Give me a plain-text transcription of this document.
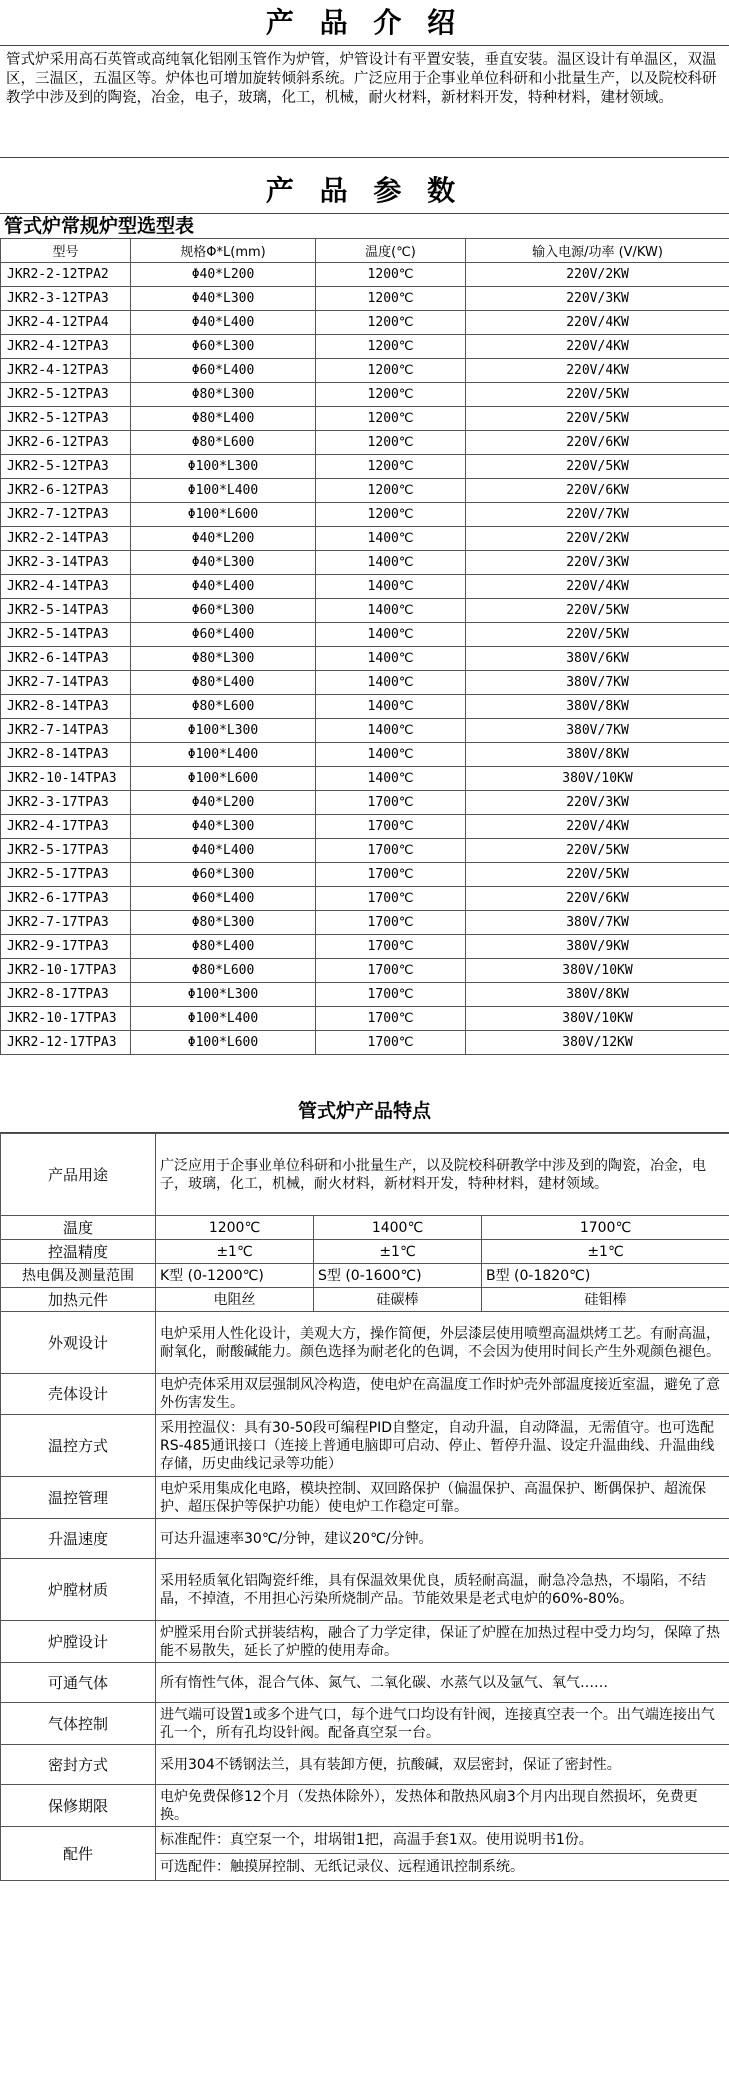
产 品 介 绍
管式炉采用高石英管或高纯氧化铝刚玉管作为炉管，炉管设计有平置安装，垂直安装。温区设计有单温区，双温区，三温区，五温区等。炉体也可增加旋转倾斜系统。广泛应用于企事业单位科研和小批量生产，以及院校科研教学中涉及到的陶瓷，冶金，电子，玻璃，化工，机械，耐火材料，新材料开发，特种材料，建材领域。
产 品 参 数
管式炉常规炉型选型表
型号	规格Φ*L(mm)	温度(℃)	输入电源/功率 (V/KW)
JKR2-2-12TPA2	Φ40*L200	1200℃	220V/2KW
JKR2-3-12TPA3	Φ40*L300	1200℃	220V/3KW
JKR2-4-12TPA4	Φ40*L400	1200℃	220V/4KW
JKR2-4-12TPA3	Φ60*L300	1200℃	220V/4KW
JKR2-4-12TPA3	Φ60*L400	1200℃	220V/4KW
JKR2-5-12TPA3	Φ80*L300	1200℃	220V/5KW
JKR2-5-12TPA3	Φ80*L400	1200℃	220V/5KW
JKR2-6-12TPA3	Φ80*L600	1200℃	220V/6KW
JKR2-5-12TPA3	Φ100*L300	1200℃	220V/5KW
JKR2-6-12TPA3	Φ100*L400	1200℃	220V/6KW
JKR2-7-12TPA3	Φ100*L600	1200℃	220V/7KW
JKR2-2-14TPA3	Φ40*L200	1400℃	220V/2KW
JKR2-3-14TPA3	Φ40*L300	1400℃	220V/3KW
JKR2-4-14TPA3	Φ40*L400	1400℃	220V/4KW
JKR2-5-14TPA3	Φ60*L300	1400℃	220V/5KW
JKR2-5-14TPA3	Φ60*L400	1400℃	220V/5KW
JKR2-6-14TPA3	Φ80*L300	1400℃	380V/6KW
JKR2-7-14TPA3	Φ80*L400	1400℃	380V/7KW
JKR2-8-14TPA3	Φ80*L600	1400℃	380V/8KW
JKR2-7-14TPA3	Φ100*L300	1400℃	380V/7KW
JKR2-8-14TPA3	Φ100*L400	1400℃	380V/8KW
JKR2-10-14TPA3	Φ100*L600	1400℃	380V/10KW
JKR2-3-17TPA3	Φ40*L200	1700℃	220V/3KW
JKR2-4-17TPA3	Φ40*L300	1700℃	220V/4KW
JKR2-5-17TPA3	Φ40*L400	1700℃	220V/5KW
JKR2-5-17TPA3	Φ60*L300	1700℃	220V/5KW
JKR2-6-17TPA3	Φ60*L400	1700℃	220V/6KW
JKR2-7-17TPA3	Φ80*L300	1700℃	380V/7KW
JKR2-9-17TPA3	Φ80*L400	1700℃	380V/9KW
JKR2-10-17TPA3	Φ80*L600	1700℃	380V/10KW
JKR2-8-17TPA3	Φ100*L300	1700℃	380V/8KW
JKR2-10-17TPA3	Φ100*L400	1700℃	380V/10KW
JKR2-12-17TPA3	Φ100*L600	1700℃	380V/12KW
管式炉产品特点
产品用途	广泛应用于企事业单位科研和小批量生产，以及院校科研教学中涉及到的陶瓷，冶金，电子，玻璃，化工，机械，耐火材料，新材料开发，特种材料，建材领域。		
温度	1200℃	1400℃	1700℃
控温精度	±1℃	±1℃	±1℃
热电偶及测量范围	K型 (0-1200℃)	S型 (0-1600℃)	B型 (0-1820℃)
加热元件	电阻丝	硅碳棒	硅钼棒
外观设计	电炉采用人性化设计，美观大方，操作简便，外层漆层使用喷塑高温烘烤工艺。有耐高温，耐氧化，耐酸碱能力。颜色选择为耐老化的色调，不会因为使用时间长产生外观颜色褪色。		
壳体设计	电炉壳体采用双层强制风冷构造，使电炉在高温度工作时炉壳外部温度接近室温，避免了意外伤害发生。		
温控方式	采用控温仪：具有30-50段可编程PID自整定，自动升温，自动降温，无需值守。也可选配RS-485通讯接口（连接上普通电脑即可启动、停止、暂停升温、设定升温曲线、升温曲线存储，历史曲线记录等功能）		
温控管理	电炉采用集成化电路，模块控制、双回路保护（偏温保护、高温保护、断偶保护、超流保护、超压保护等保护功能）使电炉工作稳定可靠。		
升温速度	可达升温速率30℃/分钟，建议20℃/分钟。		
炉膛材质	采用轻质氧化铝陶瓷纤维，具有保温效果优良，质轻耐高温，耐急冷急热，不塌陷，不结晶，不掉渣，不用担心污染所烧制产品。节能效果是老式电炉的60%-80%。		
炉膛设计	炉膛采用台阶式拼装结构，融合了力学定律，保证了炉膛在加热过程中受力均匀，保障了热能不易散失，延长了炉膛的使用寿命。		
可通气体	所有惰性气体，混合气体、氮气、二氧化碳、水蒸气以及氩气、氧气……		
气体控制	进气端可设置1或多个进气口，每个进气口均设有针阀，连接真空表一个。出气端连接出气孔一个，所有孔均设针阀。配备真空泵一台。		
密封方式	采用304不锈钢法兰，具有装卸方便，抗酸碱，双层密封，保证了密封性。		
保修期限	电炉免费保修12个月（发热体除外），发热体和散热风扇3个月内出现自然损坏，免费更换。		
配件	标准配件：真空泵一个，坩埚钳1把，高温手套1双。使用说明书1份。		
	可选配件：触摸屏控制、无纸记录仪、远程通讯控制系统。		
